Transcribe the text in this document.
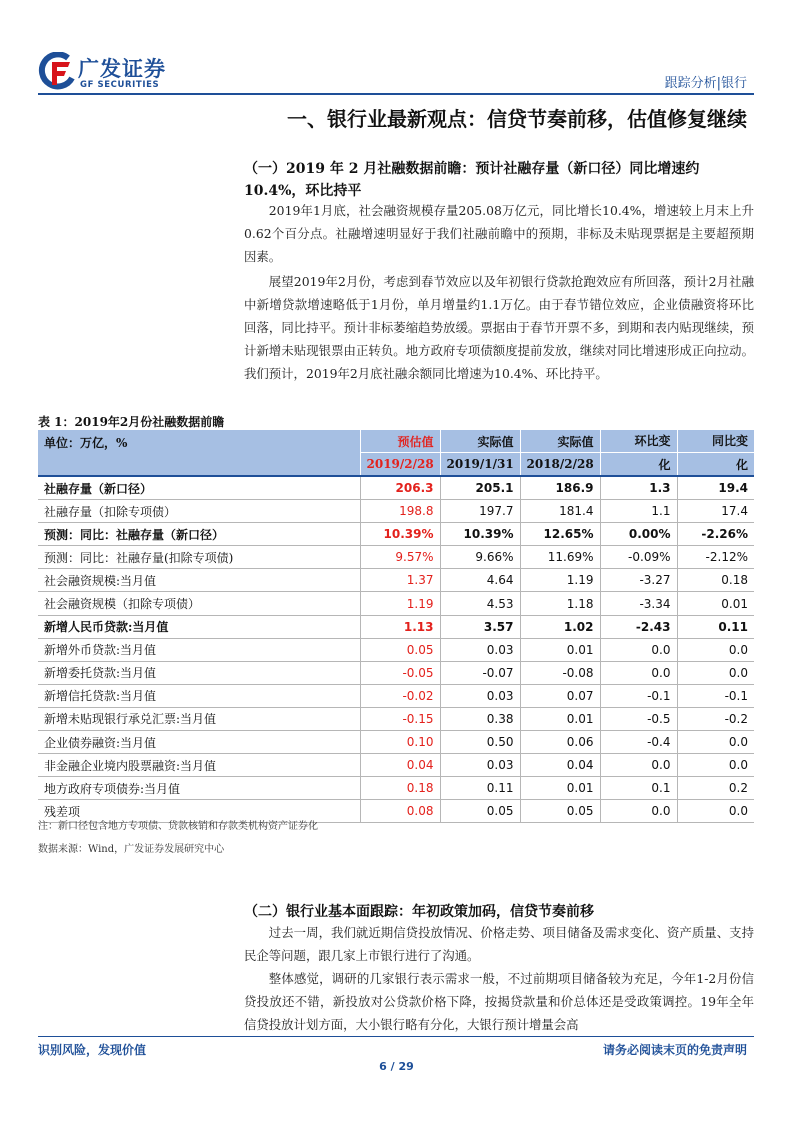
广发证券
GF SECURITIES	跟踪分析|银行
一、银行业最新观点：信贷节奏前移，估值修复继续
（一）2019 年 2 月社融数据前瞻：预计社融存量（新口径）同比增速约10.4%，环比持平
2019年1月底，社会融资规模存量205.08万亿元，同比增长10.4%，增速较上月末上升0.62个百分点。社融增速明显好于我们社融前瞻中的预期，非标及未贴现票据是主要超预期因素。
展望2019年2月份，考虑到春节效应以及年初银行贷款抢跑效应有所回落，预计2月社融中新增贷款增速略低于1月份，单月增量约1.1万亿。由于春节错位效应，企业债融资将环比回落，同比持平。预计非标萎缩趋势放缓。票据由于春节开票不多，到期和表内贴现继续，预计新增未贴现银票由正转负。地方政府专项债额度提前发放，继续对同比增速形成正向拉动。我们预计，2019年2月底社融余额同比增速为10.4%、环比持平。
表 1：2019年2月份社融数据前瞻
单位：万亿，%	预估值	实际值	实际值	环比变	同比变
	2019/2/28	2019/1/31	2018/2/28	化	化
社融存量（新口径）	206.3	205.1	186.9	1.3	19.4
社融存量（扣除专项债）	198.8	197.7	181.4	1.1	17.4
预测：同比：社融存量（新口径）	10.39%	10.39%	12.65%	0.00%	-2.26%
预测：同比：社融存量(扣除专项债)	9.57%	9.66%	11.69%	-0.09%	-2.12%
社会融资规模:当月值	1.37	4.64	1.19	-3.27	0.18
社会融资规模（扣除专项债）	1.19	4.53	1.18	-3.34	0.01
新增人民币贷款:当月值	1.13	3.57	1.02	-2.43	0.11
新增外币贷款:当月值	0.05	0.03	0.01	0.0	0.0
新增委托贷款:当月值	-0.05	-0.07	-0.08	0.0	0.0
新增信托贷款:当月值	-0.02	0.03	0.07	-0.1	-0.1
新增未贴现银行承兑汇票:当月值	-0.15	0.38	0.01	-0.5	-0.2
企业债券融资:当月值	0.10	0.50	0.06	-0.4	0.0
非金融企业境内股票融资:当月值	0.04	0.03	0.04	0.0	0.0
地方政府专项债券:当月值	0.18	0.11	0.01	0.1	0.2
残差项	0.08	0.05	0.05	0.0	0.0
注：新口径包含地方专项债、贷款核销和存款类机构资产证券化
数据来源：Wind，广发证券发展研究中心
（二）银行业基本面跟踪：年初政策加码，信贷节奏前移
过去一周，我们就近期信贷投放情况、价格走势、项目储备及需求变化、资产质量、支持民企等问题，跟几家上市银行进行了沟通。
整体感觉，调研的几家银行表示需求一般，不过前期项目储备较为充足，今年1-2月份信贷投放还不错，新投放对公贷款价格下降，按揭贷款量和价总体还是受政策调控。19年全年信贷投放计划方面，大小银行略有分化，大银行预计增量会高
识别风险，发现价值	请务必阅读末页的免责声明
6 / 29
